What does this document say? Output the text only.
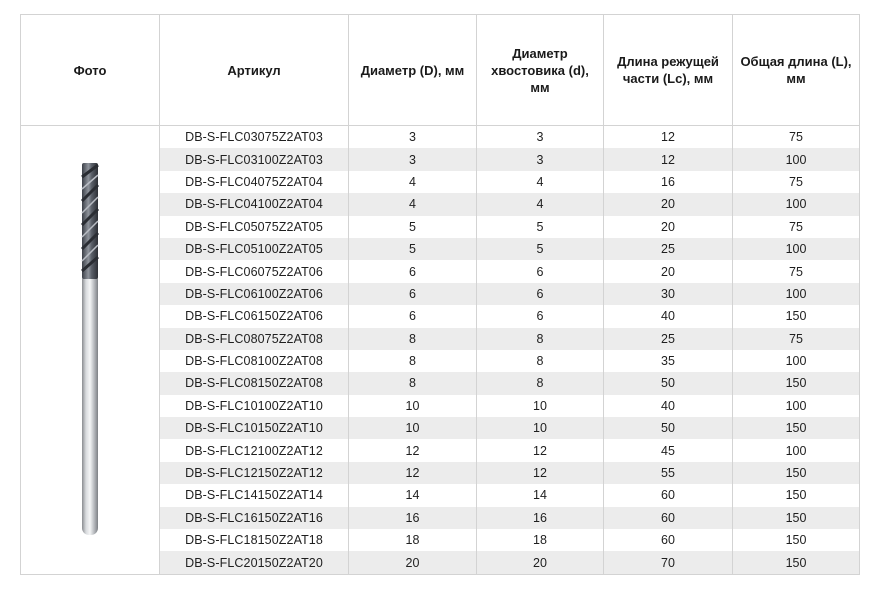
Фото	Артикул	Диаметр (D), мм	Диаметр хвостовика (d), мм	Длина режущей части (Lc), мм	Общая длина (L), мм

	DB-S-FLC03075Z2AT03	3	3	12	75
	DB-S-FLC03100Z2AT03	3	3	12	100
	DB-S-FLC04075Z2AT04	4	4	16	75
	DB-S-FLC04100Z2AT04	4	4	20	100
	DB-S-FLC05075Z2AT05	5	5	20	75
	DB-S-FLC05100Z2AT05	5	5	25	100
	DB-S-FLC06075Z2AT06	6	6	20	75
	DB-S-FLC06100Z2AT06	6	6	30	100
	DB-S-FLC06150Z2AT06	6	6	40	150
	DB-S-FLC08075Z2AT08	8	8	25	75
	DB-S-FLC08100Z2AT08	8	8	35	100
	DB-S-FLC08150Z2AT08	8	8	50	150
	DB-S-FLC10100Z2AT10	10	10	40	100
	DB-S-FLC10150Z2AT10	10	10	50	150
	DB-S-FLC12100Z2AT12	12	12	45	100
	DB-S-FLC12150Z2AT12	12	12	55	150
	DB-S-FLC14150Z2AT14	14	14	60	150
	DB-S-FLC16150Z2AT16	16	16	60	150
	DB-S-FLC18150Z2AT18	18	18	60	150
	DB-S-FLC20150Z2AT20	20	20	70	150
